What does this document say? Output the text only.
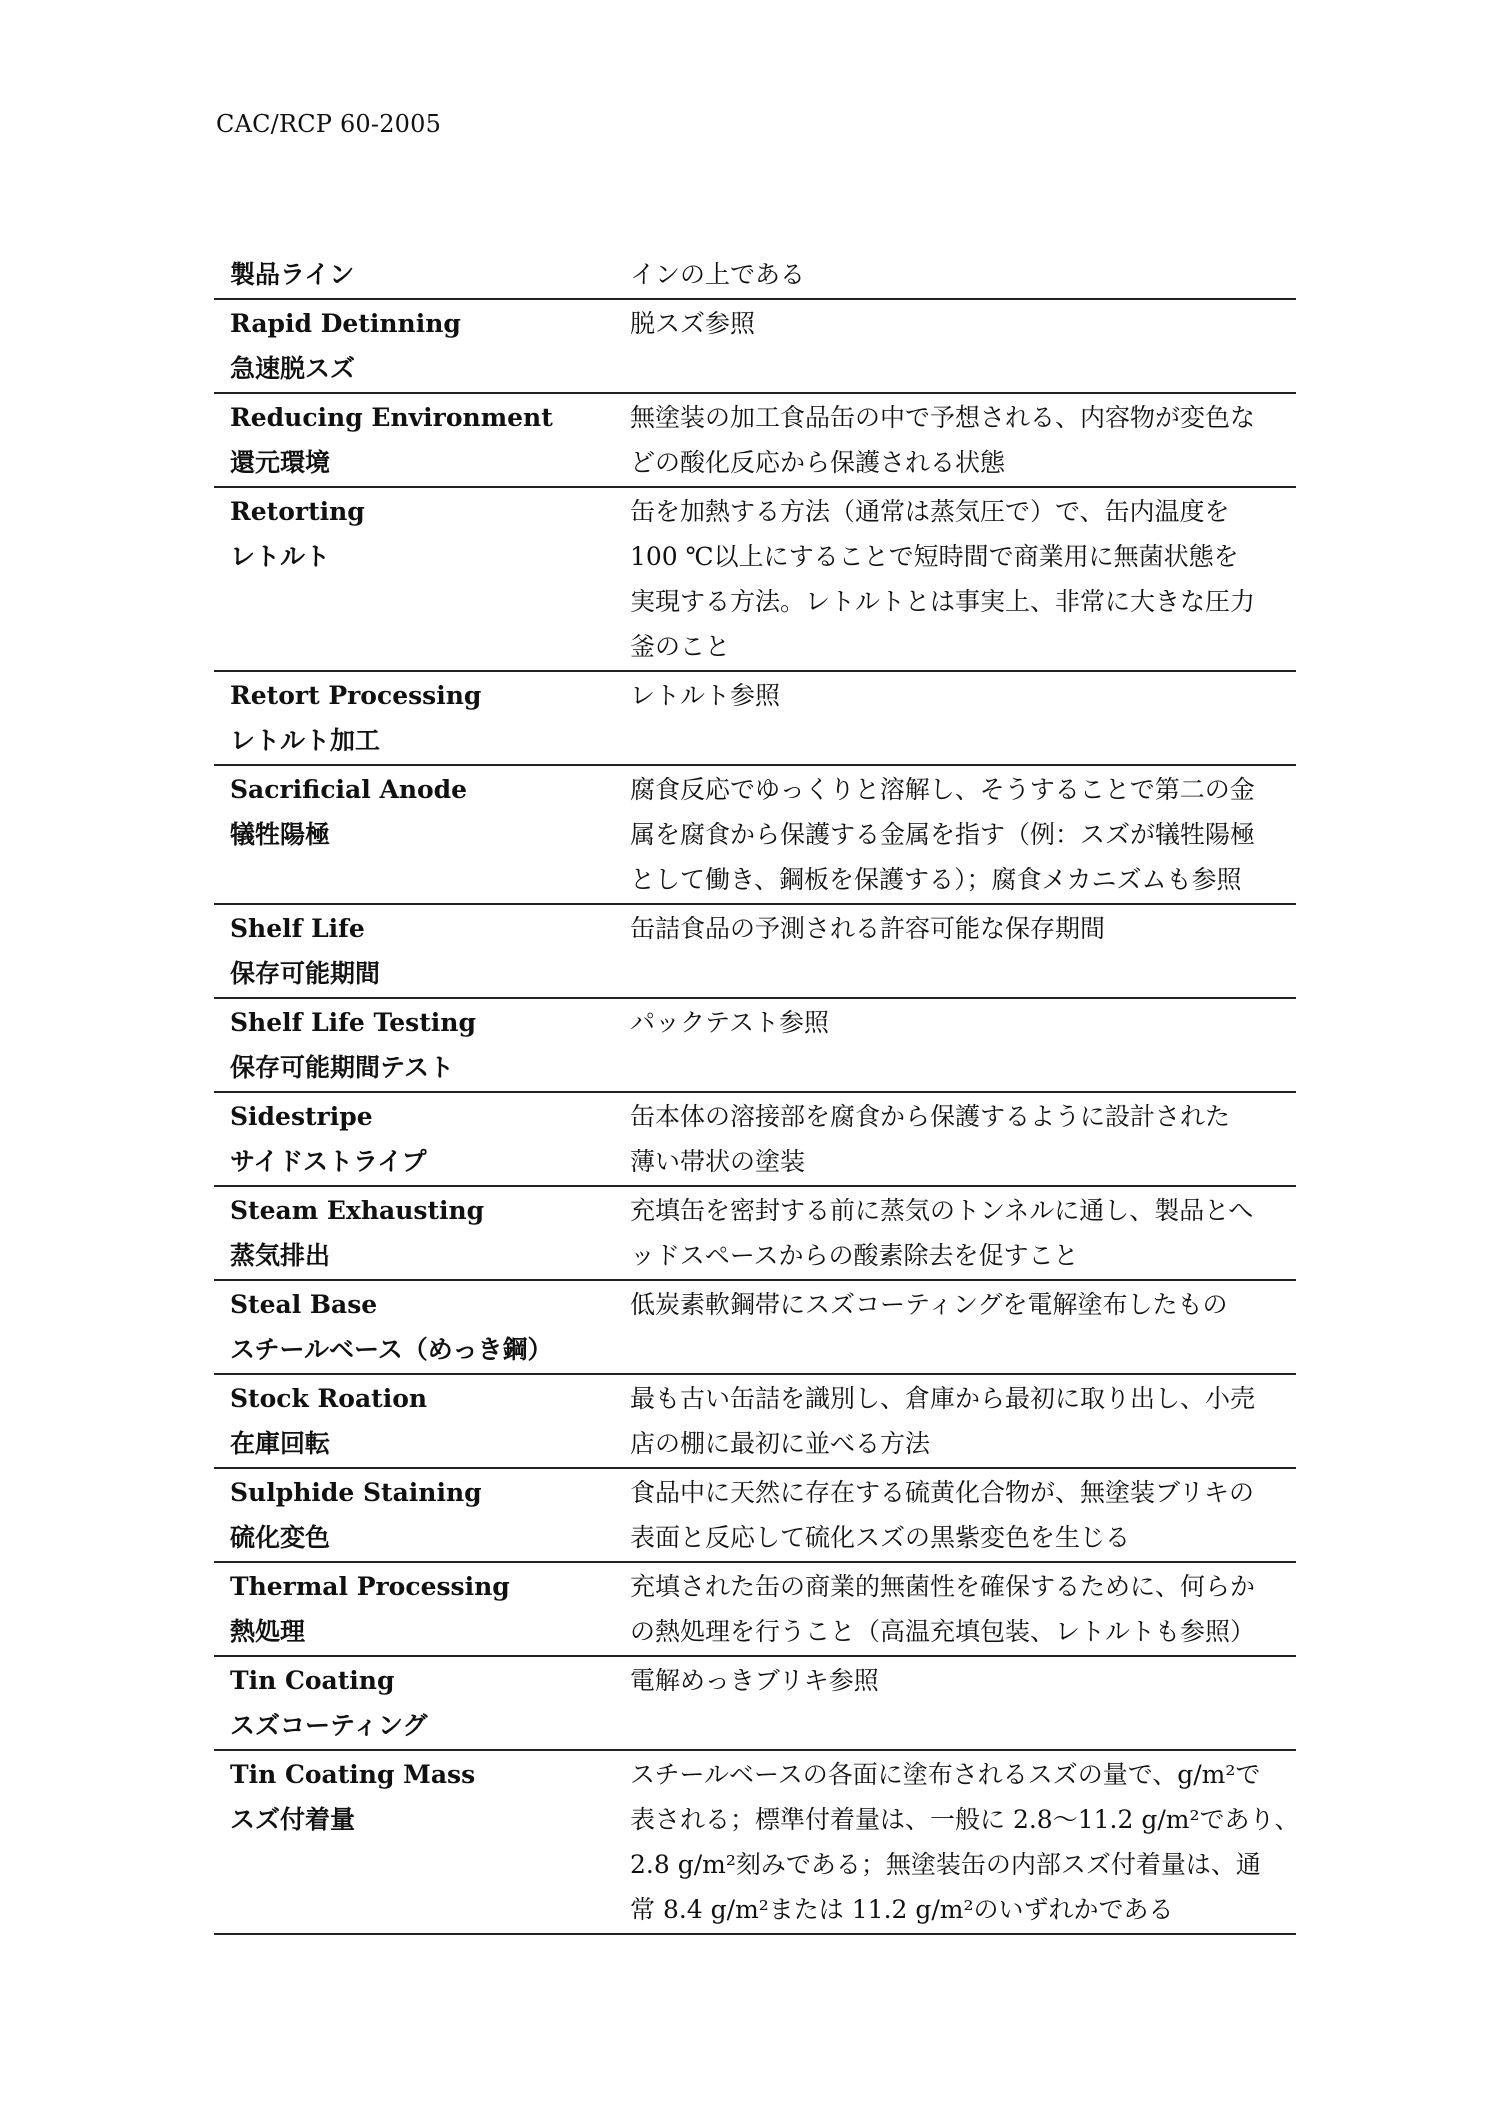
CAC/RCP 60-2005
製品ライン	インの上である

Rapid Detinning
急速脱スズ	脱スズ参照

Reducing Environment
還元環境	無塗装の加工食品缶の中で予想される、内容物が変色な
どの酸化反応から保護される状態

Retorting
レトルト	缶を加熱する方法（通常は蒸気圧で）で、缶内温度を
100 ℃以上にすることで短時間で商業用に無菌状態を
実現する方法。レトルトとは事実上、非常に大きな圧力
釜のこと

Retort Processing
レトルト加工	レトルト参照

Sacrificial Anode
犠牲陽極	腐食反応でゆっくりと溶解し、そうすることで第二の金
属を腐食から保護する金属を指す（例：スズが犠牲陽極
として働き、鋼板を保護する）；腐食メカニズムも参照

Shelf Life
保存可能期間	缶詰食品の予測される許容可能な保存期間

Shelf Life Testing
保存可能期間テスト	パックテスト参照

Sidestripe
サイドストライプ	缶本体の溶接部を腐食から保護するように設計された
薄い帯状の塗装

Steam Exhausting
蒸気排出	充填缶を密封する前に蒸気のトンネルに通し、製品とへ
ッドスペースからの酸素除去を促すこと

Steal Base
スチールベース（めっき鋼）	低炭素軟鋼帯にスズコーティングを電解塗布したもの

Stock Roation
在庫回転	最も古い缶詰を識別し、倉庫から最初に取り出し、小売
店の棚に最初に並べる方法

Sulphide Staining
硫化変色	食品中に天然に存在する硫黄化合物が、無塗装ブリキの
表面と反応して硫化スズの黒紫変色を生じる

Thermal Processing
熱処理	充填された缶の商業的無菌性を確保するために、何らか
の熱処理を行うこと（高温充填包装、レトルトも参照）

Tin Coating
スズコーティング	電解めっきブリキ参照

Tin Coating Mass
スズ付着量	スチールベースの各面に塗布されるスズの量で、g/m²で
表される；標準付着量は、一般に 2.8～11.2 g/m²であり、
2.8 g/m²刻みである；無塗装缶の内部スズ付着量は、通
常 8.4 g/m²または 11.2 g/m²のいずれかである
